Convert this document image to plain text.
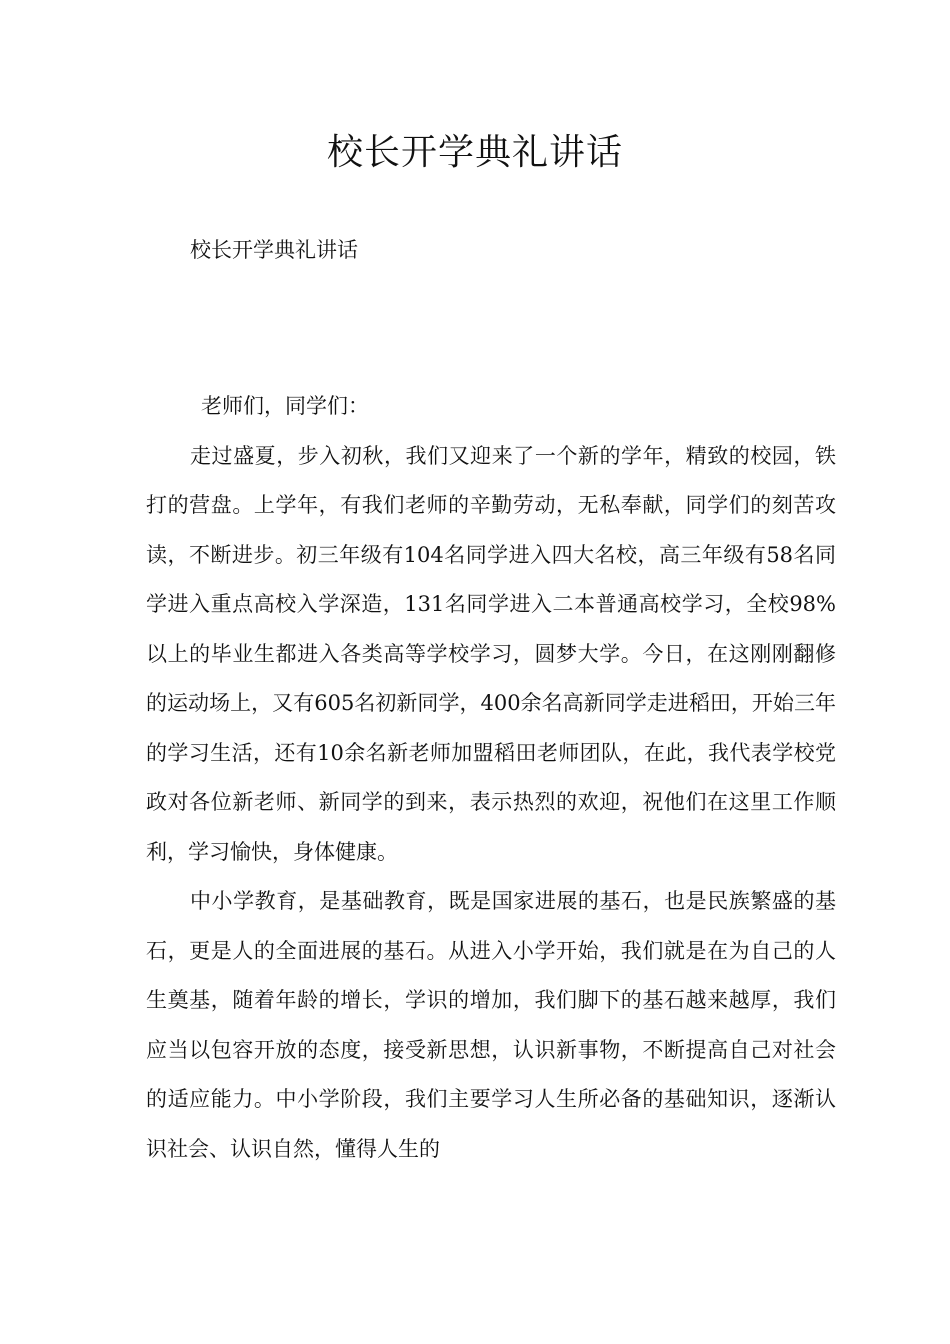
校长开学典礼讲话

校长开学典礼讲话

老师们，同学们：

走过盛夏，步入初秋，我们又迎来了一个新的学年，精致的校园，铁打的营盘。上学年，有我们老师的辛勤劳动，无私奉献，同学们的刻苦攻读，不断进步。初三年级有104名同学进入四大名校，高三年级有58名同学进入重点高校入学深造，131名同学进入二本普通高校学习，全校98%以上的毕业生都进入各类高等学校学习，圆梦大学。今日，在这刚刚翻修的运动场上，又有605名初新同学，400余名高新同学走进稻田，开始三年的学习生活，还有10余名新老师加盟稻田老师团队，在此，我代表学校党政对各位新老师、新同学的到来，表示热烈的欢迎，祝他们在这里工作顺利，学习愉快，身体健康。

中小学教育，是基础教育，既是国家进展的基石，也是民族繁盛的基石，更是人的全面进展的基石。从进入小学开始，我们就是在为自己的人生奠基，随着年龄的增长，学识的增加，我们脚下的基石越来越厚，我们应当以包容开放的态度，接受新思想，认识新事物，不断提高自己对社会的适应能力。中小学阶段，我们主要学习人生所必备的基础知识，逐渐认识社会、认识自然，懂得人生的
